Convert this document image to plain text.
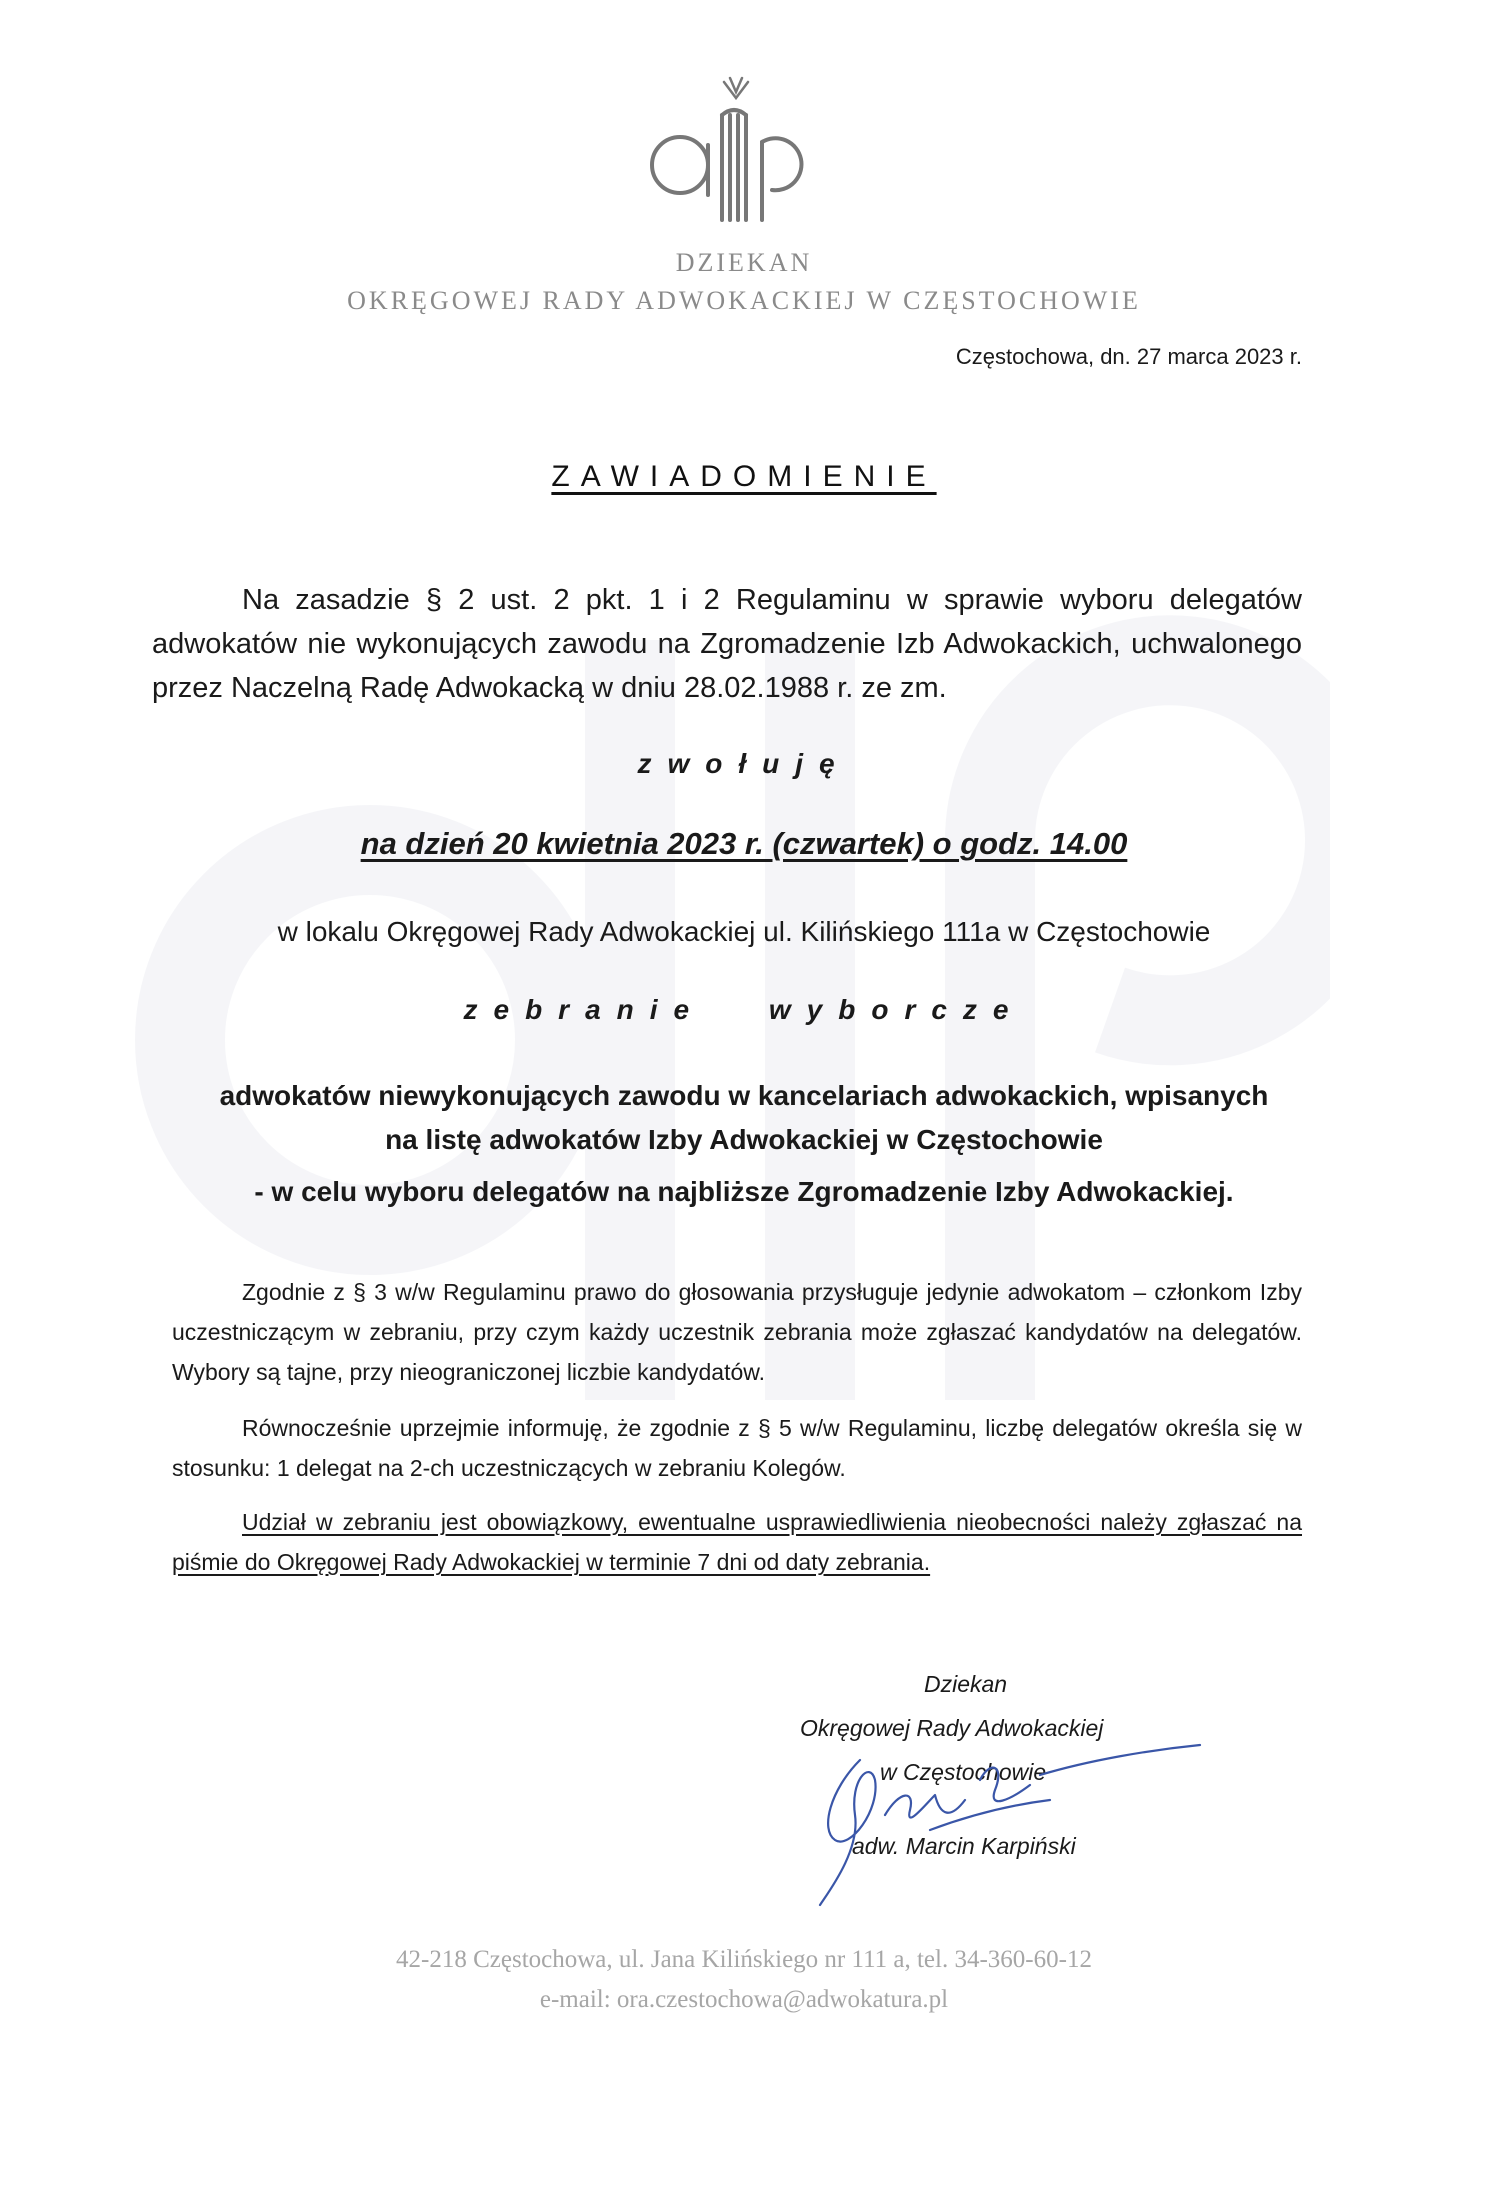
DZIEKAN
OKRĘGOWEJ RADY ADWOKACKIEJ W CZĘSTOCHOWIE
Częstochowa, dn. 27 marca 2023 r.
ZAWIADOMIENIE
Na zasadzie § 2 ust. 2 pkt. 1 i 2 Regulaminu w sprawie wyboru delegatów adwokatów nie wykonujących zawodu na Zgromadzenie Izb Adwokackich, uchwalonego przez Naczelną Radę Adwokacką w dniu 28.02.1988 r. ze zm.
zwołuję
na dzień 20 kwietnia 2023 r. (czwartek) o godz. 14.00
w lokalu Okręgowej Rady Adwokackiej ul. Kilińskiego 111a w Częstochowie
zebranie wyborcze
adwokatów niewykonujących zawodu w kancelariach adwokackich, wpisanych
na listę adwokatów Izby Adwokackiej w Częstochowie
- w celu wyboru delegatów na najbliższe Zgromadzenie Izby Adwokackiej.
Zgodnie z § 3 w/w Regulaminu prawo do głosowania przysługuje jedynie adwokatom – członkom Izby uczestniczącym w zebraniu, przy czym każdy uczestnik zebrania może zgłaszać kandydatów na delegatów. Wybory są tajne, przy nieograniczonej liczbie kandydatów.
Równocześnie uprzejmie informuję, że zgodnie z § 5 w/w Regulaminu, liczbę delegatów określa się w stosunku: 1 delegat na 2-ch uczestniczących w zebraniu Kolegów.
Udział w zebraniu jest obowiązkowy, ewentualne usprawiedliwienia nieobecności należy zgłaszać na piśmie do Okręgowej Rady Adwokackiej w terminie 7 dni od daty zebrania.
Dziekan
Okręgowej Rady Adwokackiej
w Częstochowie
adw. Marcin Karpiński
42-218 Częstochowa, ul. Jana Kilińskiego nr 111 a, tel. 34-360-60-12
e-mail: ora.czestochowa@adwokatura.pl
